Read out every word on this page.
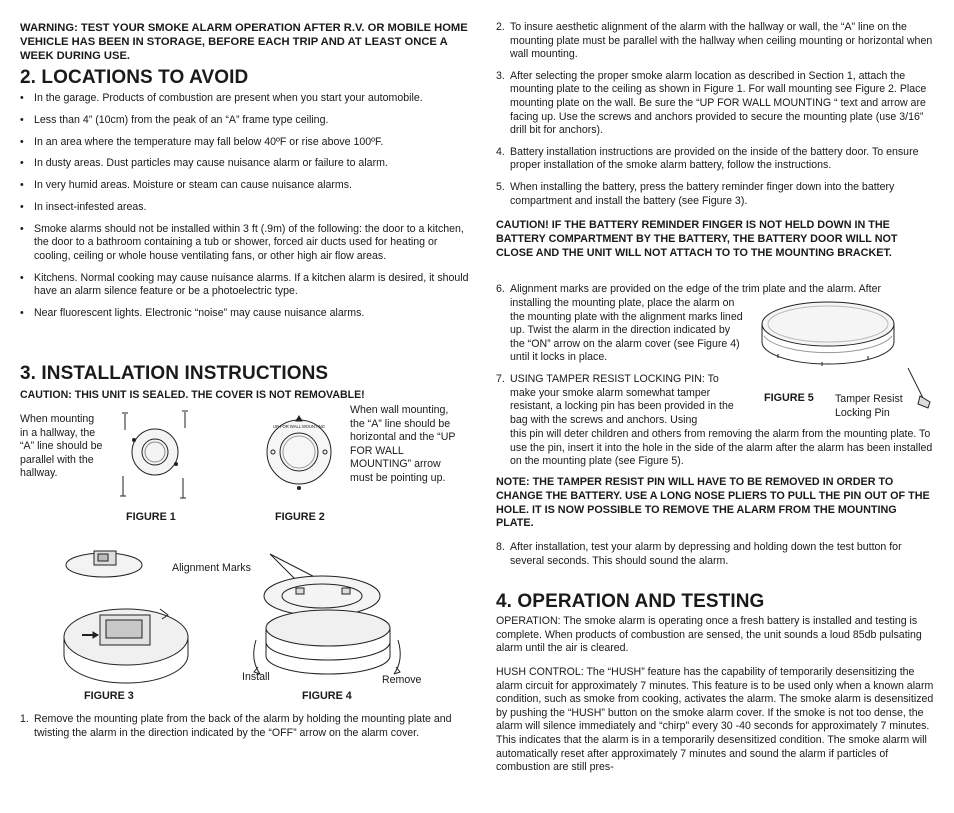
WARNING: TEST YOUR SMOKE ALARM OPERATION AFTER R.V. OR MOBILE HOME VEHICLE HAS BEEN IN STORAGE, BEFORE EACH TRIP AND AT LEAST ONCE A WEEK DURING USE.
2. LOCATIONS TO AVOID
• In the garage. Products of combustion are present when you start your automobile.
• Less than 4” (10cm) from the peak of an “A” frame type ceiling.
• In an area where the temperature may fall below 40ºF or rise above 100ºF.
• In dusty areas. Dust particles may cause nuisance alarm or failure to alarm.
• In very humid areas. Moisture or steam can cause nuisance alarms.
• In insect-infested areas.
• Smoke alarms should not be installed within 3 ft (.9m) of the following: the door to a kitchen, the door to a bathroom containing a tub or shower, forced air ducts used for heating or cooling, ceiling or whole house ventilating fans, or other high air flow areas.
• Kitchens. Normal cooking may cause nuisance alarms. If a kitchen alarm is desired, it should have an alarm silence feature or be a photoelectric type.
• Near fluorescent lights. Electronic “noise” may cause nuisance alarms.
3. INSTALLATION INSTRUCTIONS
CAUTION: THIS UNIT IS SEALED. THE COVER IS NOT REMOVABLE!
When mounting in a hallway, the “A” line should be parallel with the hallway.
When wall mounting, the “A” line should be horizontal and the “UP FOR WALL MOUNTING” arrow must be pointing up.
FIGURE 1
UP FOR WALL MOUNTING
FIGURE 2
FIGURE 3
Alignment Marks
Install	Remove
FIGURE 4
1. Remove the mounting plate from the back of the alarm by holding the mounting plate and twisting the alarm in the direction indicated by the “OFF” arrow on the alarm cover.
2. To insure aesthetic alignment of the alarm with the hallway or wall, the “A” line on the mounting plate must be parallel with the hallway when ceiling mounting or horizontal when wall mounting.
3. After selecting the proper smoke alarm location as described in Section 1, attach the mounting plate to the ceiling as shown in Figure 1. For wall mounting see Figure 2. Place mounting plate on the wall. Be sure the “UP FOR WALL MOUNTING “ text and arrow are facing up. Use the screws and anchors provided to secure the mounting plate (use 3/16” drill bit for anchors).
4. Battery installation instructions are provided on the inside of the battery door. To ensure proper installation of the smoke alarm battery, follow the instructions.
5. When installing the battery, press the battery reminder finger down into the battery compartment and install the battery (see Figure 3).
CAUTION! IF THE BATTERY REMINDER FINGER IS NOT HELD DOWN IN THE BATTERY COMPARTMENT BY THE BATTERY, THE BATTERY DOOR WILL NOT CLOSE AND THE UNIT WILL NOT ATTACH TO TO THE MOUNTING BRACKET.
6. Alignment marks are provided on the edge of the trim plate and the alarm. After
installing the mounting plate, place the alarm on the mounting plate with the alignment marks lined up. Twist the alarm in the direction indicated by the “ON” arrow on the alarm cover (see Figure 4) until it locks in place.
7. USING TAMPER RESIST LOCKING PIN: To make your smoke alarm somewhat tamper resistant, a locking pin has been provided in the bag with the screws and anchors. Using
this pin will deter children and others from removing the alarm from the mounting plate. To use the pin, insert it into the hole in the side of the alarm after the alarm has been installed on the mounting plate (see Figure 5).
FIGURE 5 Tamper Resist Locking Pin
NOTE: THE TAMPER RESIST PIN WILL HAVE TO BE REMOVED IN ORDER TO CHANGE THE BATTERY. USE A LONG NOSE PLIERS TO PULL THE PIN OUT OF THE HOLE. IT IS NOW POSSIBLE TO REMOVE THE ALARM FROM THE MOUNTING PLATE.
8. After installation, test your alarm by depressing and holding down the test button for several seconds. This should sound the alarm.
4. OPERATION AND TESTING
OPERATION: The smoke alarm is operating once a fresh battery is installed and testing is complete. When products of combustion are sensed, the unit sounds a loud 85db pulsating alarm until the air is cleared.
HUSH CONTROL: The “HUSH” feature has the capability of temporarily desensitizing the alarm circuit for approximately 7 minutes. This feature is to be used only when a known alarm condition, such as smoke from cooking, activates the alarm. The smoke alarm is desensitized by pushing the “HUSH” button on the smoke alarm cover. If the smoke is not too dense, the alarm will silence immediately and “chirp” every 30 -40 seconds for approximately 7 minutes. This indicates that the alarm is in a temporarily desensitized condition. The smoke alarm will automatically reset after approximately 7 minutes and sound the alarm if particles of combustion are still pres-
